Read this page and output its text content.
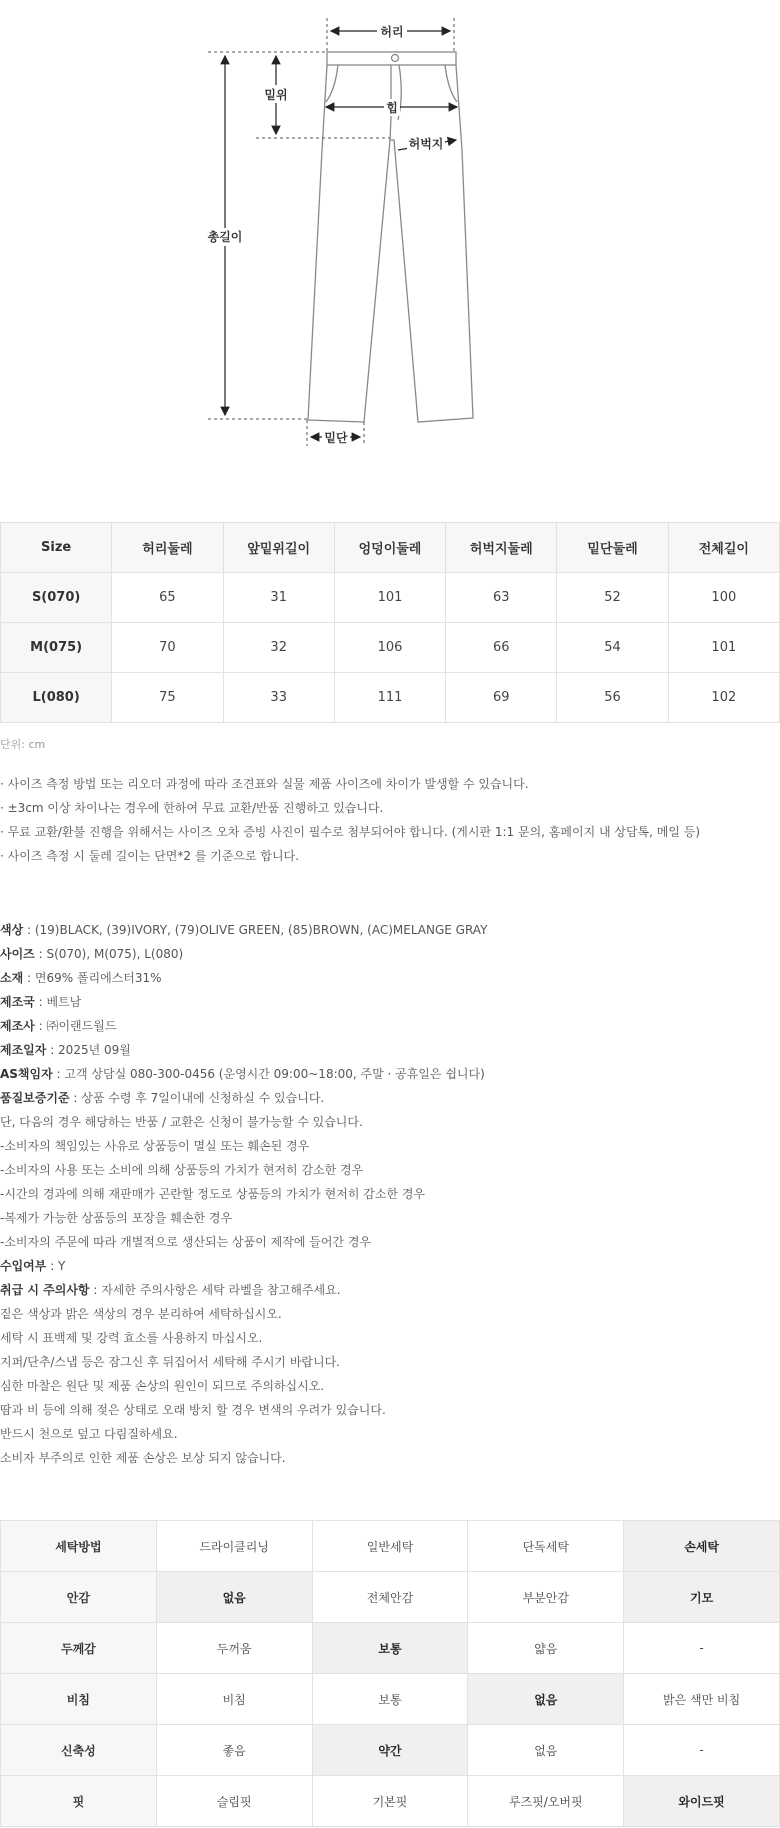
허리
밑위
힙
허벅지
총길이
밑단
Size	허리둘레	앞밑위길이	엉덩이둘레	허벅지둘레	밑단둘레	전체길이
S(070)	65	31	101	63	52	100
M(075)	70	32	106	66	54	101
L(080)	75	33	111	69	56	102
단위: cm
· 사이즈 측정 방법 또는 리오더 과정에 따라 조견표와 실물 제품 사이즈에 차이가 발생할 수 있습니다.
· ±3cm 이상 차이나는 경우에 한하여 무료 교환/반품 진행하고 있습니다.
· 무료 교환/환불 진행을 위해서는 사이즈 오차 증빙 사진이 필수로 첨부되어야 합니다. (게시판 1:1 문의, 홈페이지 내 상담톡, 메일 등)
· 사이즈 측정 시 둘레 길이는 단면*2 를 기준으로 합니다.
색상 : (19)BLACK, (39)IVORY, (79)OLIVE GREEN, (85)BROWN, (AC)MELANGE GRAY
사이즈 : S(070), M(075), L(080)
소재 : 면69% 폴리에스터31%
제조국 : 베트남
제조사 : ㈜이랜드월드
제조일자 : 2025년 09월
AS책임자 : 고객 상담실 080-300-0456 (운영시간 09:00~18:00, 주말 · 공휴일은 쉽니다)
품질보증기준 : 상품 수령 후 7일이내에 신청하실 수 있습니다.
단, 다음의 경우 해당하는 반품 / 교환은 신청이 불가능할 수 있습니다.
-소비자의 책임있는 사유로 상품등이 멸실 또는 훼손된 경우
-소비자의 사용 또는 소비에 의해 상품등의 가치가 현저히 감소한 경우
-시간의 경과에 의해 재판매가 곤란할 정도로 상품등의 가치가 현저히 감소한 경우
-복제가 가능한 상품등의 포장을 훼손한 경우
-소비자의 주문에 따라 개별적으로 생산되는 상품이 제작에 들어간 경우
수입여부 : Y
취급 시 주의사항 : 자세한 주의사항은 세탁 라벨을 참고해주세요.
짙은 색상과 밝은 색상의 경우 분리하여 세탁하십시오.
세탁 시 표백제 및 강력 효소를 사용하지 마십시오.
지퍼/단추/스냅 등은 잠그신 후 뒤집어서 세탁해 주시기 바랍니다.
심한 마찰은 원단 및 제품 손상의 원인이 되므로 주의하십시오.
땀과 비 등에 의해 젖은 상태로 오래 방치 할 경우 변색의 우려가 있습니다.
반드시 천으로 덮고 다림질하세요.
소비자 부주의로 인한 제품 손상은 보상 되지 않습니다.
세탁방법	드라이클리닝	일반세탁	단독세탁	손세탁
안감	없음	전체안감	부분안감	기모
두께감	두꺼움	보통	얇음	-
비침	비침	보통	없음	밝은 색만 비침
신축성	좋음	약간	없음	-
핏	슬림핏	기본핏	루즈핏/오버핏	와이드핏
